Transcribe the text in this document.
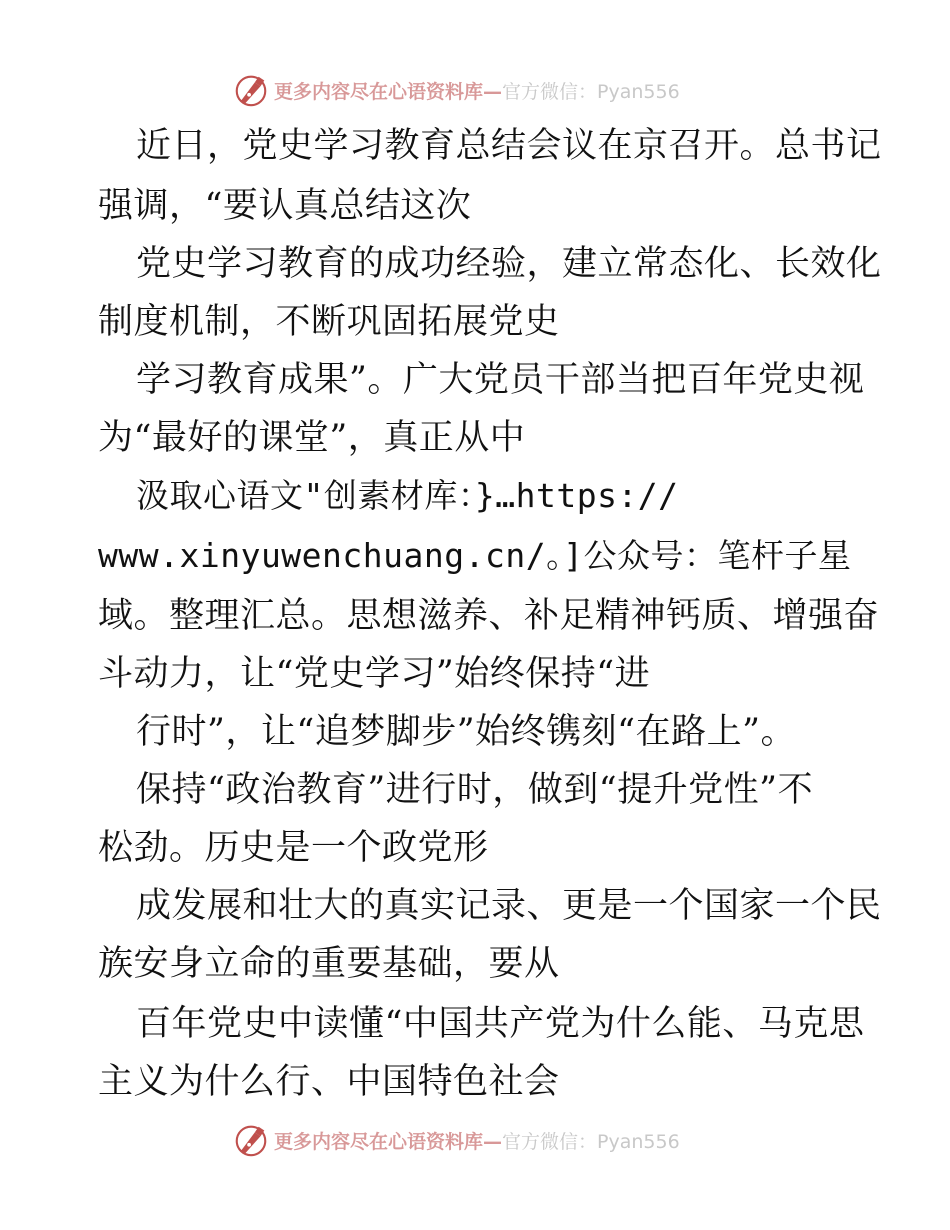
更多内容尽在心语资料库—官方微信：Pyan556
近日，党史学习教育总结会议在京召开。总书记
强调，“要认真总结这次
党史学习教育的成功经验，建立常态化、长效化
制度机制，不断巩固拓展党史
学习教育成果”。广大党员干部当把百年党史视
为“最好的课堂”，真正从中
汲取心语文"创素材库：}…https://
www.xinyuwenchuang.cn/。]公众号：笔杆子星
域。整理汇总。思想滋养、补足精神钙质、增强奋
斗动力，让“党史学习”始终保持“进
行时”，让“追梦脚步”始终镌刻“在路上”。
保持“政治教育”进行时，做到“提升党性”不
松劲。历史是一个政党形
成发展和壮大的真实记录、更是一个国家一个民
族安身立命的重要基础，要从
百年党史中读懂“中国共产党为什么能、马克思
主义为什么行、中国特色社会
更多内容尽在心语资料库—官方微信：Pyan556
